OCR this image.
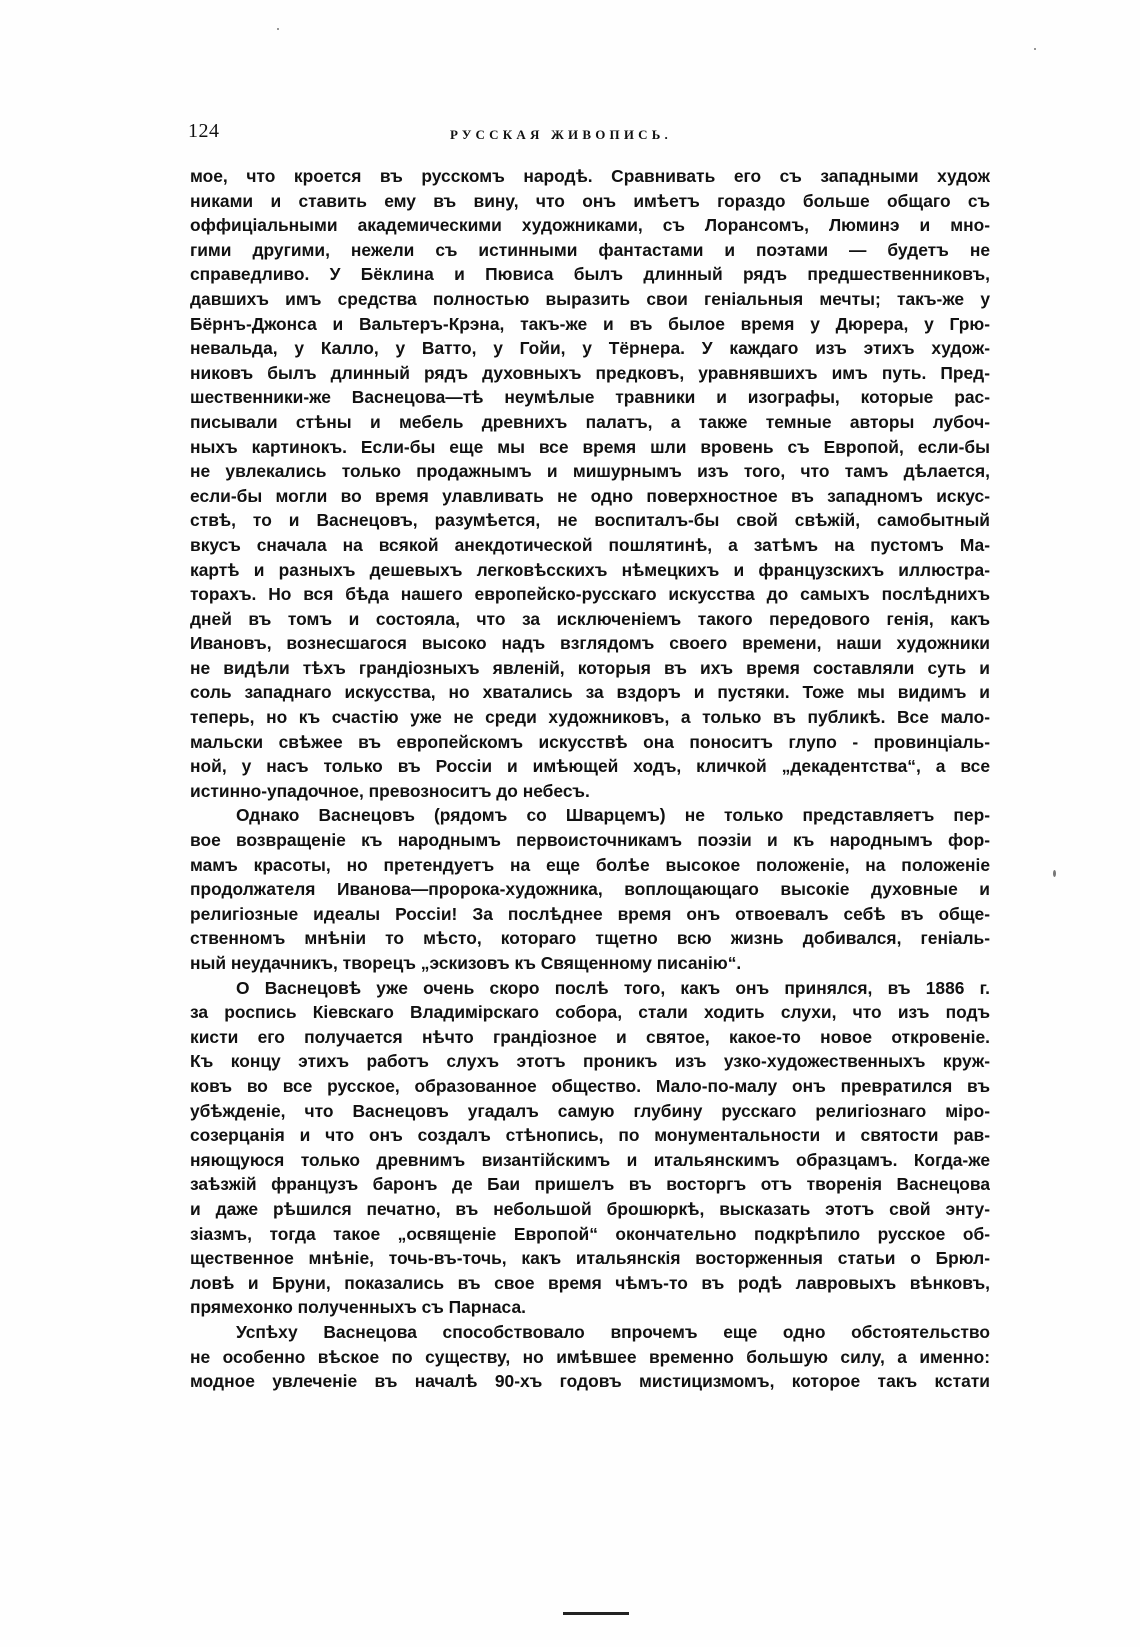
124	РУССКАЯ ЖИВОПИСЬ.
мое, что кроется въ русскомъ народѣ. Сравнивать его съ западными худож
никами и ставить ему въ вину, что онъ имѣетъ гораздо больше общаго съ
оффиціальными академическими художниками, съ Лорансомъ, Люминэ и мно-
гими другими, нежели съ истинными фантастами и поэтами — будетъ не
справедливо. У Бёклина и Пювиса былъ длинный рядъ предшественниковъ,
давшихъ имъ средства полностью выразить свои геніальныя мечты; такъ-же у
Бёрнъ-Джонса и Вальтеръ-Крэна, такъ-же и въ былое время у Дюрера, у Грю-
невальда, у Калло, у Ватто, у Гойи, у Тёрнера. У каждаго изъ этихъ худож-
никовъ былъ длинный рядъ духовныхъ предковъ, уравнявшихъ имъ путь. Пред-
шественники-же Васнецова—тѣ неумѣлые травники и изографы, которые рас-
писывали стѣны и мебель древнихъ палатъ, а также темные авторы лубоч-
ныхъ картинокъ. Если-бы еще мы все время шли вровень съ Европой, если-бы
не увлекались только продажнымъ и мишурнымъ изъ того, что тамъ дѣлается,
если-бы могли во время улавливать не одно поверхностное въ западномъ искус-
ствѣ, то и Васнецовъ, разумѣется, не воспиталъ-бы свой свѣжій, самобытный
вкусъ сначала на всякой анекдотической пошлятинѣ, а затѣмъ на пустомъ Ма-
картѣ и разныхъ дешевыхъ легковѣсскихъ нѣмецкихъ и французскихъ иллюстра-
торахъ. Но вся бѣда нашего европейско-русскаго искусства до самыхъ послѣднихъ
дней въ томъ и состояла, что за исключеніемъ такого передового генія, какъ
Ивановъ, вознесшагося высоко надъ взглядомъ своего времени, наши художники
не видѣли тѣхъ грандіозныхъ явленій, которыя въ ихъ время составляли суть и
соль западнаго искусства, но хватались за вздоръ и пустяки. Тоже мы видимъ и
теперь, но къ счастію уже не среди художниковъ, а только въ публикѣ. Все мало-
мальски свѣжее въ европейскомъ искусствѣ она поноситъ глупо - провинціаль-
ной, у насъ только въ Россіи и имѣющей ходъ, кличкой „декадентства“, а все
истинно-упадочное, превозноситъ до небесъ.
Однако Васнецовъ (рядомъ со Шварцемъ) не только представляетъ пер-
вое возвращеніе къ народнымъ первоисточникамъ поэзіи и къ народнымъ фор-
мамъ красоты, но претендуетъ на еще болѣе высокое положеніе, на положеніе
продолжателя Иванова—пророка-художника, воплощающаго высокіе духовные и
религіозные идеалы Россіи! За послѣднее время онъ отвоевалъ себѣ въ обще-
ственномъ мнѣніи то мѣсто, котораго тщетно всю жизнь добивался, геніаль-
ный неудачникъ, творецъ „эскизовъ къ Священному писанію“.
О Васнецовѣ уже очень скоро послѣ того, какъ онъ принялся, въ 1886 г.
за роспись Кіевскаго Владимірскаго собора, стали ходить слухи, что изъ подъ
кисти его получается нѣчто грандіозное и святое, какое-то новое откровеніе.
Къ концу этихъ работъ слухъ этотъ проникъ изъ узко-художественныхъ круж-
ковъ во все русское, образованное общество. Мало-по-малу онъ превратился въ
убѣжденіе, что Васнецовъ угадалъ самую глубину русскаго религіознаго міро-
созерцанія и что онъ создалъ стѣнопись, по монументальности и святости рав-
няющуюся только древнимъ византійскимъ и итальянскимъ образцамъ. Когда-же
заѣзжій французъ баронъ де Баи пришелъ въ восторгъ отъ творенія Васнецова
и даже рѣшился печатно, въ небольшой брошюркѣ, высказать этотъ свой энту-
зіазмъ, тогда такое „освященіе Европой“ окончательно подкрѣпило русское об-
щественное мнѣніе, точь-въ-точь, какъ итальянскія восторженныя статьи о Брюл-
ловѣ и Бруни, показались въ свое время чѣмъ-то въ родѣ лавровыхъ вѣнковъ,
прямехонко полученныхъ съ Парнаса.
Успѣху Васнецова способствовало впрочемъ еще одно обстоятельство
не особенно вѣское по существу, но имѣвшее временно большую силу, а именно:
модное увлеченіе въ началѣ 90-хъ годовъ мистицизмомъ, которое такъ кстати
